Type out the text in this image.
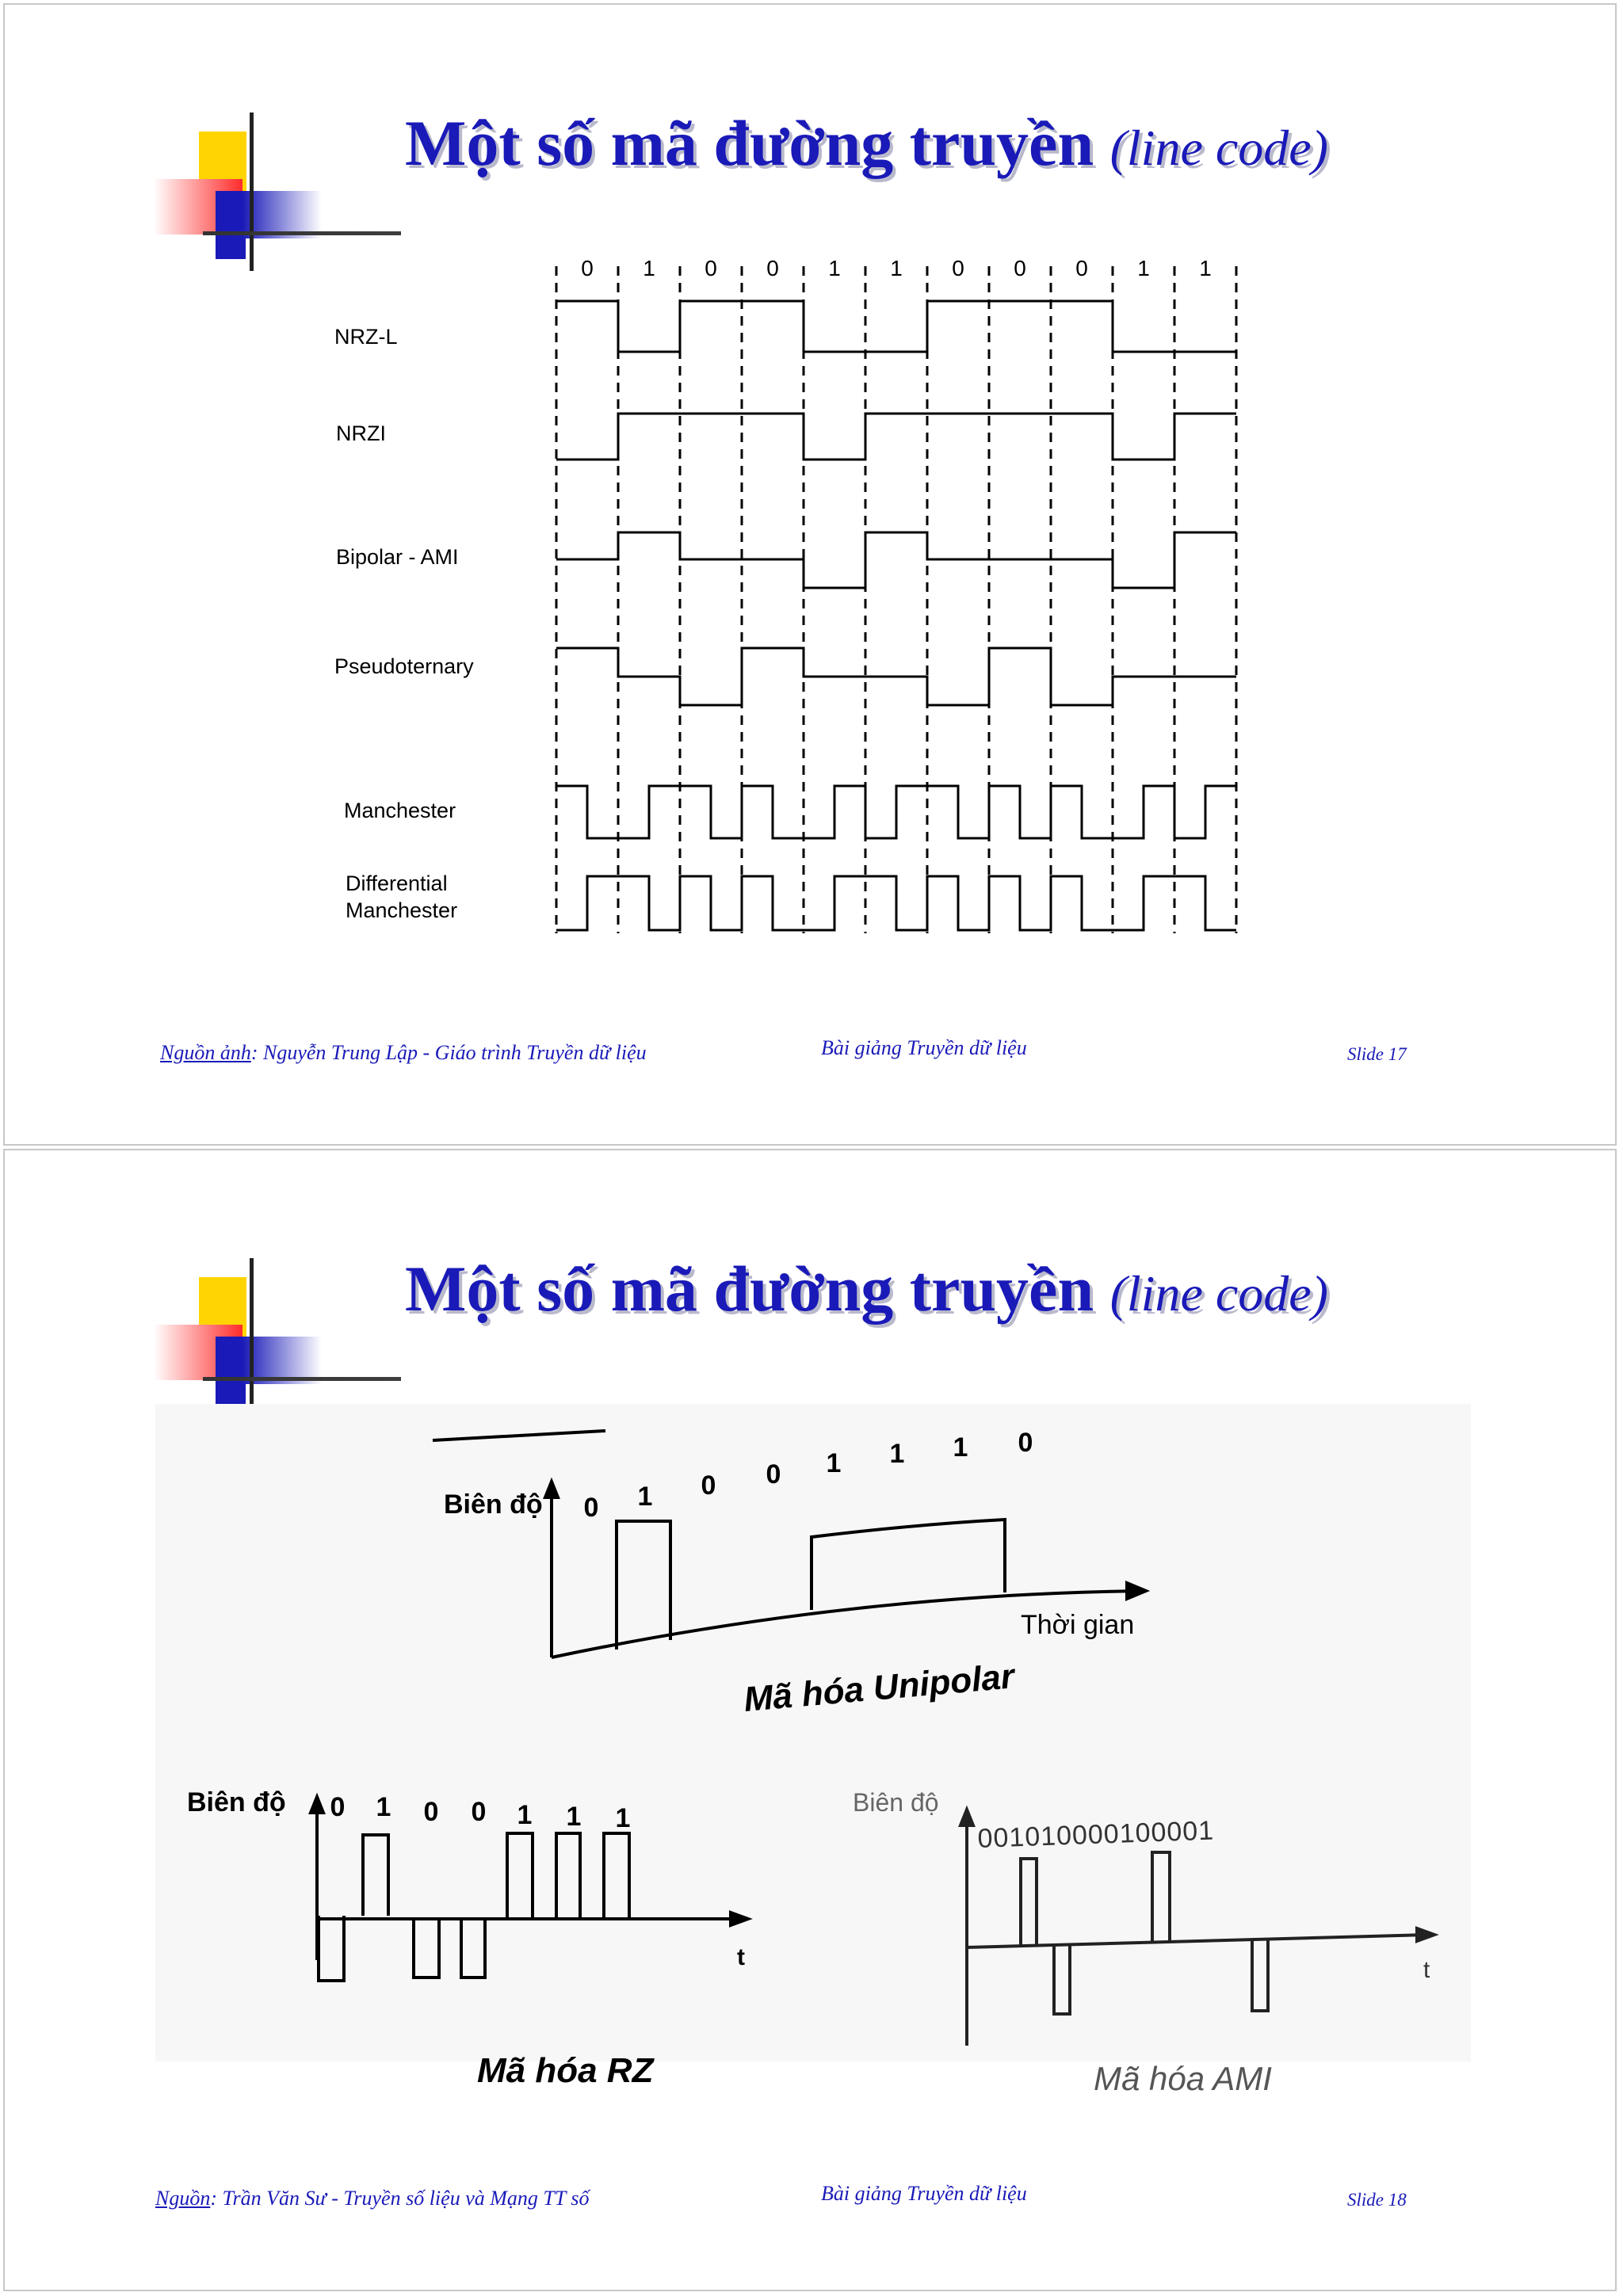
Một số mã đường truyền (line code)
0 1 0 0 1 1 0 0 0 1 1
NRZ-L
NRZI
Bipolar - AMI
Pseudoternary
Manchester
Differential
Manchester
Nguồn ảnh: Nguyễn Trung Lập - Giáo trình Truyền dữ liệu	Bài giảng Truyền dữ liệu	Slide 17
Một số mã đường truyền (line code)
Biên độ 0 1 0 0 1 1 1 0
Thời gian
Mã hóa Unipolar
Biên độ 0 1 0 0 1 1 1
t
Mã hóa RZ
Biên độ
001010000100001
t
Mã hóa AMI
Nguồn: Trần Văn Sư - Truyền số liệu và Mạng TT số	Bài giảng Truyền dữ liệu	Slide 18
